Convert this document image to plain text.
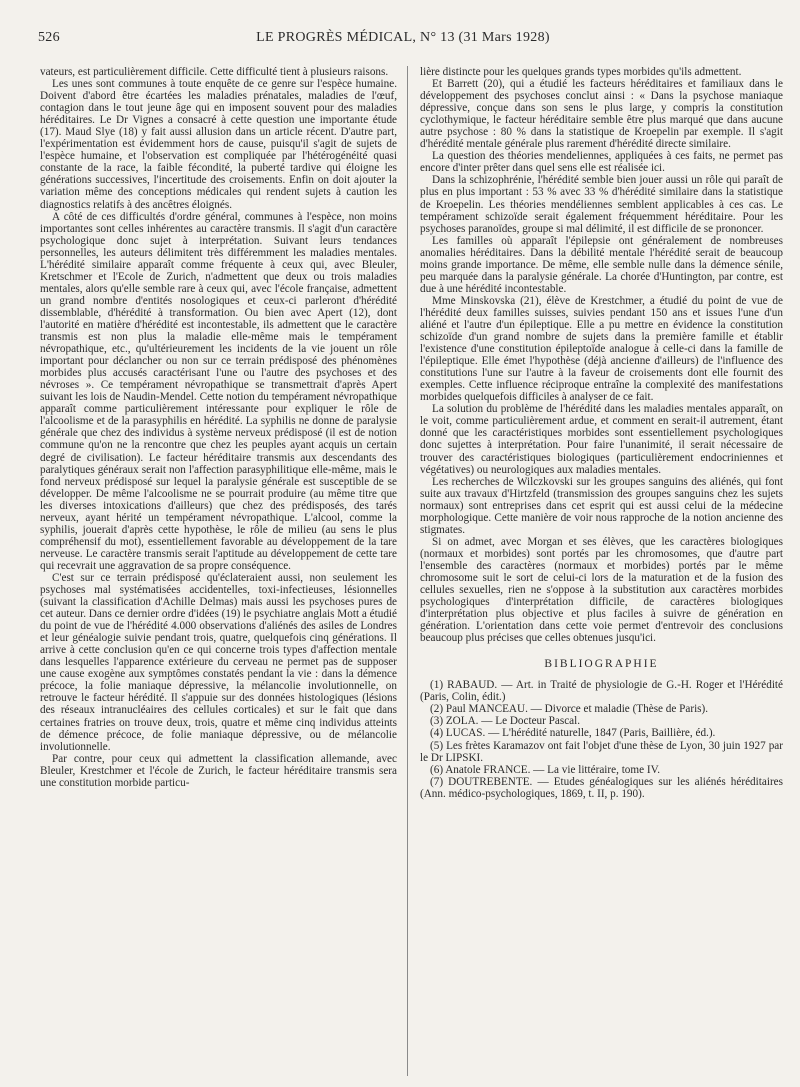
526	LE PROGRÈS MÉDICAL, N° 13 (31 Mars 1928)

vateurs, est particulièrement difficile. Cette difficulté tient à plusieurs raisons.

Les unes sont communes à toute enquête de ce genre sur l'espèce humaine. Doivent d'abord être écartées les maladies prénatales, maladies de l'œuf, contagion dans le tout jeune âge qui en imposent souvent pour des maladies héréditaires. Le Dr Vignes a consacré à cette question une importante étude (17). Maud Slye (18) y fait aussi allusion dans un article récent. D'autre part, l'expérimentation est évidemment hors de cause, puisqu'il s'agit de sujets de l'espèce humaine, et l'observation est compliquée par l'hétérogénéité quasi constante de la race, la faible fécondité, la puberté tardive qui éloigne les générations successives, l'incertitude des croisements. Enfin on doit ajouter la variation même des conceptions médicales qui rendent sujets à caution les diagnostics relatifs à des ancêtres éloignés.

A côté de ces difficultés d'ordre général, communes à l'espèce, non moins importantes sont celles inhérentes au caractère transmis. Il s'agit d'un caractère psychologique donc sujet à interprétation. Suivant leurs tendances personnelles, les auteurs délimitent très différemment les maladies mentales. L'hérédité similaire apparaît comme fréquente à ceux qui, avec Bleuler, Kretschmer et l'Ecole de Zurich, n'admettent que deux ou trois maladies mentales, alors qu'elle semble rare à ceux qui, avec l'école française, admettent un grand nombre d'entités nosologiques et ceux-ci parleront d'hérédité dissemblable, d'hérédité à transformation. Ou bien avec Apert (12), dont l'autorité en matière d'hérédité est incontestable, ils admettent que le caractère transmis est non plus la maladie elle-même mais le tempérament névropathique, etc., qu'ultérieurement les incidents de la vie jouent un rôle important pour déclancher ou non sur ce terrain prédisposé des phénomènes morbides plus accusés caractérisant l'une ou l'autre des psychoses et des névroses ». Ce tempérament névropathique se transmettrait d'après Apert suivant les lois de Naudin-Mendel. Cette notion du tempérament névropathique apparaît comme particulièrement intéressante pour expliquer le rôle de l'alcoolisme et de la parasyphilis en hérédité. La syphilis ne donne de paralysie générale que chez des individus à système nerveux prédisposé (il est de notion commune qu'on ne la rencontre que chez les peuples ayant acquis un certain degré de civilisation). Le facteur héréditaire transmis aux descendants des paralytiques généraux serait non l'affection parasyphilitique elle-même, mais le fond nerveux prédisposé sur lequel la paralysie générale est susceptible de se développer. De même l'alcoolisme ne se pourrait produire (au même titre que les diverses intoxications d'ailleurs) que chez des prédisposés, des tarés nerveux, ayant hérité un tempérament névropathique. L'alcool, comme la syphilis, jouerait d'après cette hypothèse, le rôle de milieu (au sens le plus compréhensif du mot), essentiellement favorable au développement de la tare nerveuse. Le caractère transmis serait l'aptitude au développement de cette tare qui recevrait une aggravation de sa propre conséquence.

C'est sur ce terrain prédisposé qu'éclateraient aussi, non seulement les psychoses mal systématisées accidentelles, toxi-infectieuses, lésionnelles (suivant la classification d'Achille Delmas) mais aussi les psychoses pures de cet auteur. Dans ce dernier ordre d'idées (19) le psychiatre anglais Mott a étudié du point de vue de l'hérédité 4.000 observations d'aliénés des asiles de Londres et leur généalogie suivie pendant trois, quatre, quelquefois cinq générations. Il arrive à cette conclusion qu'en ce qui concerne trois types d'affection mentale dans lesquelles l'apparence extérieure du cerveau ne permet pas de supposer une cause exogène aux symptômes constatés pendant la vie : dans la démence précoce, la folie maniaque dépressive, la mélancolie involutionnelle, on retrouve le facteur hérédité. Il s'appuie sur des données histologiques (lésions des réseaux intranucléaires des cellules corticales) et sur le fait que dans certaines fratries on trouve deux, trois, quatre et même cinq individus atteints de démence précoce, de folie maniaque dépressive, ou de mélancolie involutionnelle.

Par contre, pour ceux qui admettent la classification allemande, avec Bleuler, Krestchmer et l'école de Zurich, le facteur héréditaire transmis sera une constitution morbide particu-

lière distincte pour les quelques grands types morbides qu'ils admettent.

Et Barrett (20), qui a étudié les facteurs héréditaires et familiaux dans le développement des psychoses conclut ainsi : « Dans la psychose maniaque dépressive, conçue dans son sens le plus large, y compris la constitution cyclothymique, le facteur héréditaire semble être plus marqué que dans aucune autre psychose : 80 % dans la statistique de Kroepelin par exemple. Il s'agit d'hérédité mentale générale plus rarement d'hérédité directe similaire.

La question des théories mendeliennes, appliquées à ces faits, ne permet pas encore d'inter prêter dans quel sens elle est réalisée ici.

Dans la schizophrénie, l'hérédité semble bien jouer aussi un rôle qui paraît de plus en plus important : 53 % avec 33 % d'hérédité similaire dans la statistique de Kroepelin. Les théories mendéliennes semblent applicables à ces cas. Le tempérament schizoïde serait également fréquemment héréditaire. Pour les psychoses paranoïdes, groupe si mal délimité, il est difficile de se prononcer.

Les familles où apparaît l'épilepsie ont généralement de nombreuses anomalies héréditaires. Dans la débilité mentale l'hérédité serait de beaucoup moins grande importance. De même, elle semble nulle dans la démence sénile, peu marquée dans la paralysie générale. La chorée d'Huntington, par contre, est due à une hérédité incontestable.

Mme Minskovska (21), élève de Krestchmer, a étudié du point de vue de l'hérédité deux familles suisses, suivies pendant 150 ans et issues l'une d'un aliéné et l'autre d'un épileptique. Elle a pu mettre en évidence la constitution schizoïde d'un grand nombre de sujets dans la première famille et établir l'existence d'une constitution épileptoïde analogue à celle-ci dans la famille de l'épileptique. Elle émet l'hypothèse (déjà ancienne d'ailleurs) de l'influence des constitutions l'une sur l'autre à la faveur de croisements dont elle fournit des exemples. Cette influence réciproque entraîne la complexité des manifestations morbides quelquefois difficiles à analyser de ce fait.

La solution du problème de l'hérédité dans les maladies mentales apparaît, on le voit, comme particulièrement ardue, et comment en serait-il autrement, étant donné que les caractéristiques morbides sont essentiellement psychologiques donc sujettes à interprétation. Pour faire l'unanimité, il serait nécessaire de trouver des caractéristiques biologiques (particulièrement endocriniennes et végétatives) ou neurologiques aux maladies mentales.

Les recherches de Wilczkovski sur les groupes sanguins des aliénés, qui font suite aux travaux d'Hirtzfeld (transmission des groupes sanguins chez les sujets normaux) sont entreprises dans cet esprit qui est aussi celui de la médecine morphologique. Cette manière de voir nous rapproche de la notion ancienne des stigmates.

Si on admet, avec Morgan et ses élèves, que les caractères biologiques (normaux et morbides) sont portés par les chromosomes, que d'autre part l'ensemble des caractères (normaux et morbides) portés par le même chromosome suit le sort de celui-ci lors de la maturation et de la fusion des cellules sexuelles, rien ne s'oppose à la substitution aux caractères morbides psychologiques d'interprétation difficile, de caractères biologiques d'interprétation plus objective et plus faciles à suivre de génération en génération. L'orientation dans cette voie permet d'entrevoir des conclusions beaucoup plus précises que celles obtenues jusqu'ici.

BIBLIOGRAPHIE

(1) RABAUD. — Art. in Traité de physiologie de G.-H. Roger et l'Hérédité (Paris, Colin, édit.)

(2) Paul MANCEAU. — Divorce et maladie (Thèse de Paris).

(3) ZOLA. — Le Docteur Pascal.

(4) LUCAS. — L'hérédité naturelle, 1847 (Paris, Baillière, éd.).

(5) Les frètes Karamazov ont fait l'objet d'une thèse de Lyon, 30 juin 1927 par le Dr LIPSKI.

(6) Anatole FRANCE. — La vie littéraire, tome IV.

(7) DOUTREBENTE. — Etudes généalogiques sur les aliénés héréditaires (Ann. médico-psychologiques, 1869, t. II, p. 190).
